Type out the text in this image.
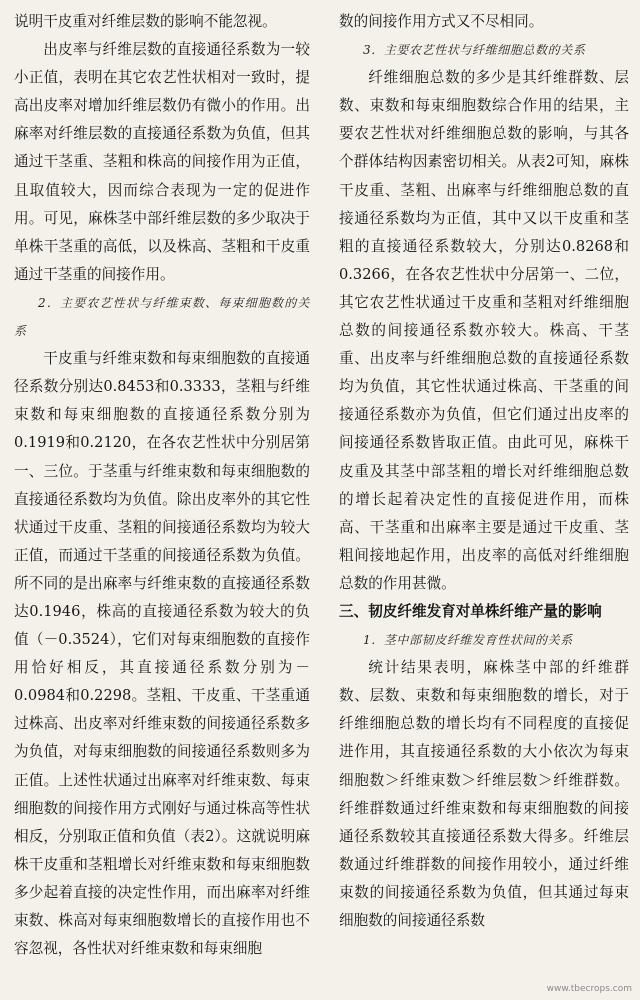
说明干皮重对纤维层数的影响不能忽视。

出皮率与纤维层数的直接通径系数为一较小正值，表明在其它农艺性状相对一致时，提高出皮率对增加纤维层数仍有微小的作用。出麻率对纤维层数的直接通径系数为负值，但其通过干茎重、茎粗和株高的间接作用为正值，且取值较大，因而综合表现为一定的促进作用。可见，麻株茎中部纤维层数的多少取决于单株干茎重的高低，以及株高、茎粗和干皮重通过干茎重的间接作用。

2．主要农艺性状与纤维束数、每束细胞数的关系

干皮重与纤维束数和每束细胞数的直接通径系数分别达0.8453和0.3333，茎粗与纤维束数和每束细胞数的直接通径系数分别为0.1919和0.2120，在各农艺性状中分别居第一、三位。于茎重与纤维束数和每束细胞数的直接通径系数均为负值。除出皮率外的其它性状通过干皮重、茎粗的间接通径系数均为较大正值，而通过干茎重的间接通径系数为负值。所不同的是出麻率与纤维束数的直接通径系数达0.1946，株高的直接通径系数为较大的负值（－0.3524），它们对每束细胞数的直接作用恰好相反，其直接通径系数分别为－0.0984和0.2298。茎粗、干皮重、干茎重通过株高、出皮率对纤维束数的间接通径系数多为负值，对每束细胞数的间接通径系数则多为正值。上述性状通过出麻率对纤维束数、每束细胞数的间接作用方式刚好与通过株高等性状相反，分别取正值和负值（表2）。这就说明麻株干皮重和茎粗增长对纤维束数和每束细胞数多少起着直接的决定性作用，而出麻率对纤维束数、株高对每束细胞数增长的直接作用也不容忽视，各性状对纤维束数和每束细胞

数的间接作用方式又不尽相同。

3．主要农艺性状与纤维细胞总数的关系

纤维细胞总数的多少是其纤维群数、层数、束数和每束细胞数综合作用的结果，主要农艺性状对纤维细胞总数的影响，与其各个群体结构因素密切相关。从表2可知，麻株干皮重、茎粗、出麻率与纤维细胞总数的直接通径系数均为正值，其中又以干皮重和茎粗的直接通径系数较大，分别达0.8268和0.3266，在各农艺性状中分居第一、二位，其它农艺性状通过干皮重和茎粗对纤维细胞总数的间接通径系数亦较大。株高、干茎重、出皮率与纤维细胞总数的直接通径系数均为负值，其它性状通过株高、干茎重的间接通径系数亦为负值，但它们通过出皮率的间接通径系数皆取正值。由此可见，麻株干皮重及其茎中部茎粗的增长对纤维细胞总数的增长起着决定性的直接促进作用，而株高、干茎重和出麻率主要是通过干皮重、茎粗间接地起作用，出皮率的高低对纤维细胞总数的作用甚微。

三、韧皮纤维发育对单株纤维产量的影响

1．茎中部韧皮纤维发育性状间的关系

统计结果表明，麻株茎中部的纤维群数、层数、束数和每束细胞数的增长，对于纤维细胞总数的增长均有不同程度的直接促进作用，其直接通径系数的大小依次为每束细胞数＞纤维束数＞纤维层数＞纤维群数。纤维群数通过纤维束数和每束细胞数的间接通径系数较其直接通径系数大得多。纤维层数通过纤维群数的间接作用较小，通过纤维束数的间接通径系数为负值，但其通过每束细胞数的间接通径系数

www.tbecrops.com
